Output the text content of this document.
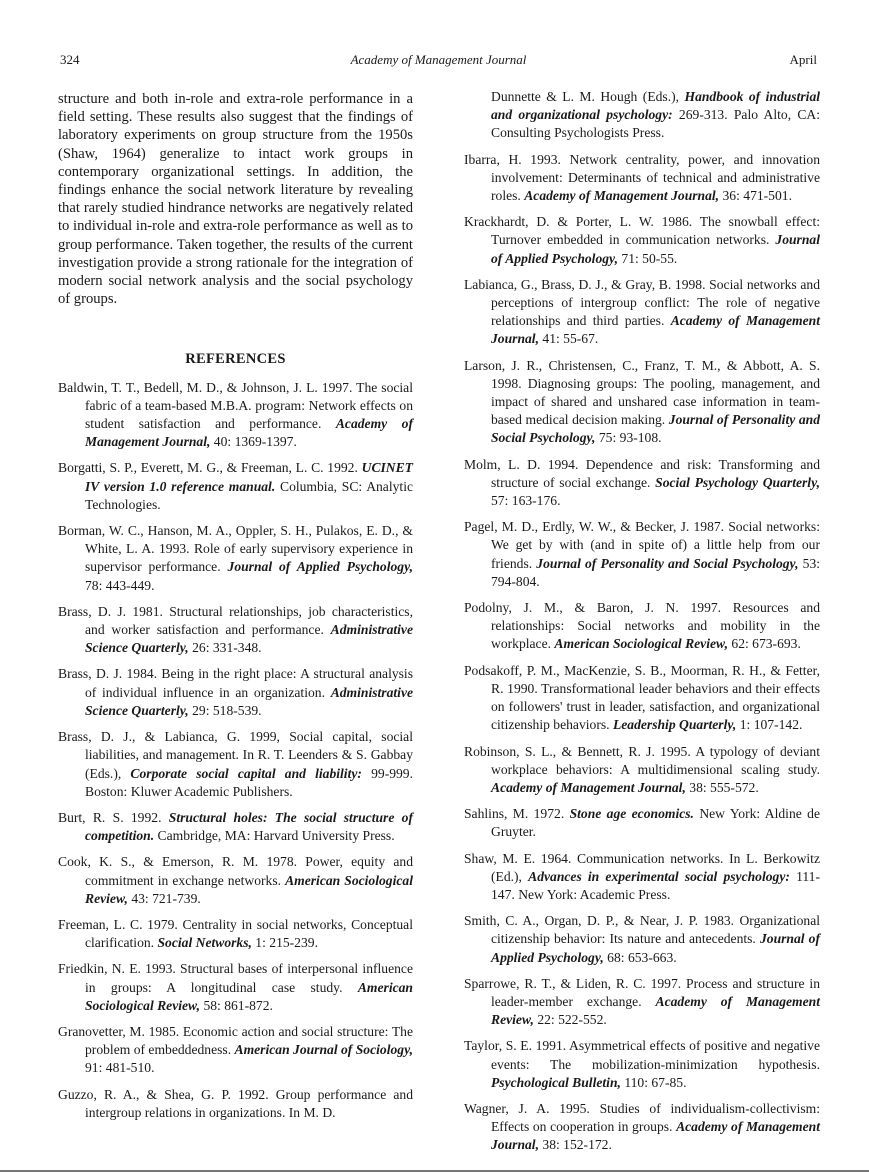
324	Academy of Management Journal	April

structure and both in-role and extra-role performance in a field setting. These results also suggest that the findings of laboratory experiments on group structure from the 1950s (Shaw, 1964) generalize to intact work groups in contemporary organizational settings. In addition, the findings enhance the social network literature by revealing that rarely studied hindrance networks are negatively related to individual in-role and extra-role performance as well as to group performance. Taken together, the results of the current investigation provide a strong rationale for the integration of modern social network analysis and the social psychology of groups.

REFERENCES
Baldwin, T. T., Bedell, M. D., & Johnson, J. L. 1997. The social fabric of a team-based M.B.A. program: Network effects on student satisfaction and performance. Academy of Management Journal, 40: 1369-1397.
Borgatti, S. P., Everett, M. G., & Freeman, L. C. 1992. UCINET IV version 1.0 reference manual. Columbia, SC: Analytic Technologies.
Borman, W. C., Hanson, M. A., Oppler, S. H., Pulakos, E. D., & White, L. A. 1993. Role of early supervisory experience in supervisor performance. Journal of Applied Psychology, 78: 443-449.
Brass, D. J. 1981. Structural relationships, job characteristics, and worker satisfaction and performance. Administrative Science Quarterly, 26: 331-348.
Brass, D. J. 1984. Being in the right place: A structural analysis of individual influence in an organization. Administrative Science Quarterly, 29: 518-539.
Brass, D. J., & Labianca, G. 1999, Social capital, social liabilities, and management. In R. T. Leenders & S. Gabbay (Eds.), Corporate social capital and liability: 99-999. Boston: Kluwer Academic Publishers.
Burt, R. S. 1992. Structural holes: The social structure of competition. Cambridge, MA: Harvard University Press.
Cook, K. S., & Emerson, R. M. 1978. Power, equity and commitment in exchange networks. American Sociological Review, 43: 721-739.
Freeman, L. C. 1979. Centrality in social networks, Conceptual clarification. Social Networks, 1: 215-239.
Friedkin, N. E. 1993. Structural bases of interpersonal influence in groups: A longitudinal case study. American Sociological Review, 58: 861-872.
Granovetter, M. 1985. Economic action and social structure: The problem of embeddedness. American Journal of Sociology, 91: 481-510.
Guzzo, R. A., & Shea, G. P. 1992. Group performance and intergroup relations in organizations. In M. D.
Dunnette & L. M. Hough (Eds.), Handbook of industrial and organizational psychology: 269-313. Palo Alto, CA: Consulting Psychologists Press.
Ibarra, H. 1993. Network centrality, power, and innovation involvement: Determinants of technical and administrative roles. Academy of Management Journal, 36: 471-501.
Krackhardt, D. & Porter, L. W. 1986. The snowball effect: Turnover embedded in communication networks. Journal of Applied Psychology, 71: 50-55.
Labianca, G., Brass, D. J., & Gray, B. 1998. Social networks and perceptions of intergroup conflict: The role of negative relationships and third parties. Academy of Management Journal, 41: 55-67.
Larson, J. R., Christensen, C., Franz, T. M., & Abbott, A. S. 1998. Diagnosing groups: The pooling, management, and impact of shared and unshared case information in team-based medical decision making. Journal of Personality and Social Psychology, 75: 93-108.
Molm, L. D. 1994. Dependence and risk: Transforming and structure of social exchange. Social Psychology Quarterly, 57: 163-176.
Pagel, M. D., Erdly, W. W., & Becker, J. 1987. Social networks: We get by with (and in spite of) a little help from our friends. Journal of Personality and Social Psychology, 53: 794-804.
Podolny, J. M., & Baron, J. N. 1997. Resources and relationships: Social networks and mobility in the workplace. American Sociological Review, 62: 673-693.
Podsakoff, P. M., MacKenzie, S. B., Moorman, R. H., & Fetter, R. 1990. Transformational leader behaviors and their effects on followers' trust in leader, satisfaction, and organizational citizenship behaviors. Leadership Quarterly, 1: 107-142.
Robinson, S. L., & Bennett, R. J. 1995. A typology of deviant workplace behaviors: A multidimensional scaling study. Academy of Management Journal, 38: 555-572.
Sahlins, M. 1972. Stone age economics. New York: Aldine de Gruyter.
Shaw, M. E. 1964. Communication networks. In L. Berkowitz (Ed.), Advances in experimental social psychology: 111-147. New York: Academic Press.
Smith, C. A., Organ, D. P., & Near, J. P. 1983. Organizational citizenship behavior: Its nature and antecedents. Journal of Applied Psychology, 68: 653-663.
Sparrowe, R. T., & Liden, R. C. 1997. Process and structure in leader-member exchange. Academy of Management Review, 22: 522-552.
Taylor, S. E. 1991. Asymmetrical effects of positive and negative events: The mobilization-minimization hypothesis. Psychological Bulletin, 110: 67-85.
Wagner, J. A. 1995. Studies of individualism-collectivism: Effects on cooperation in groups. Academy of Management Journal, 38: 152-172.
